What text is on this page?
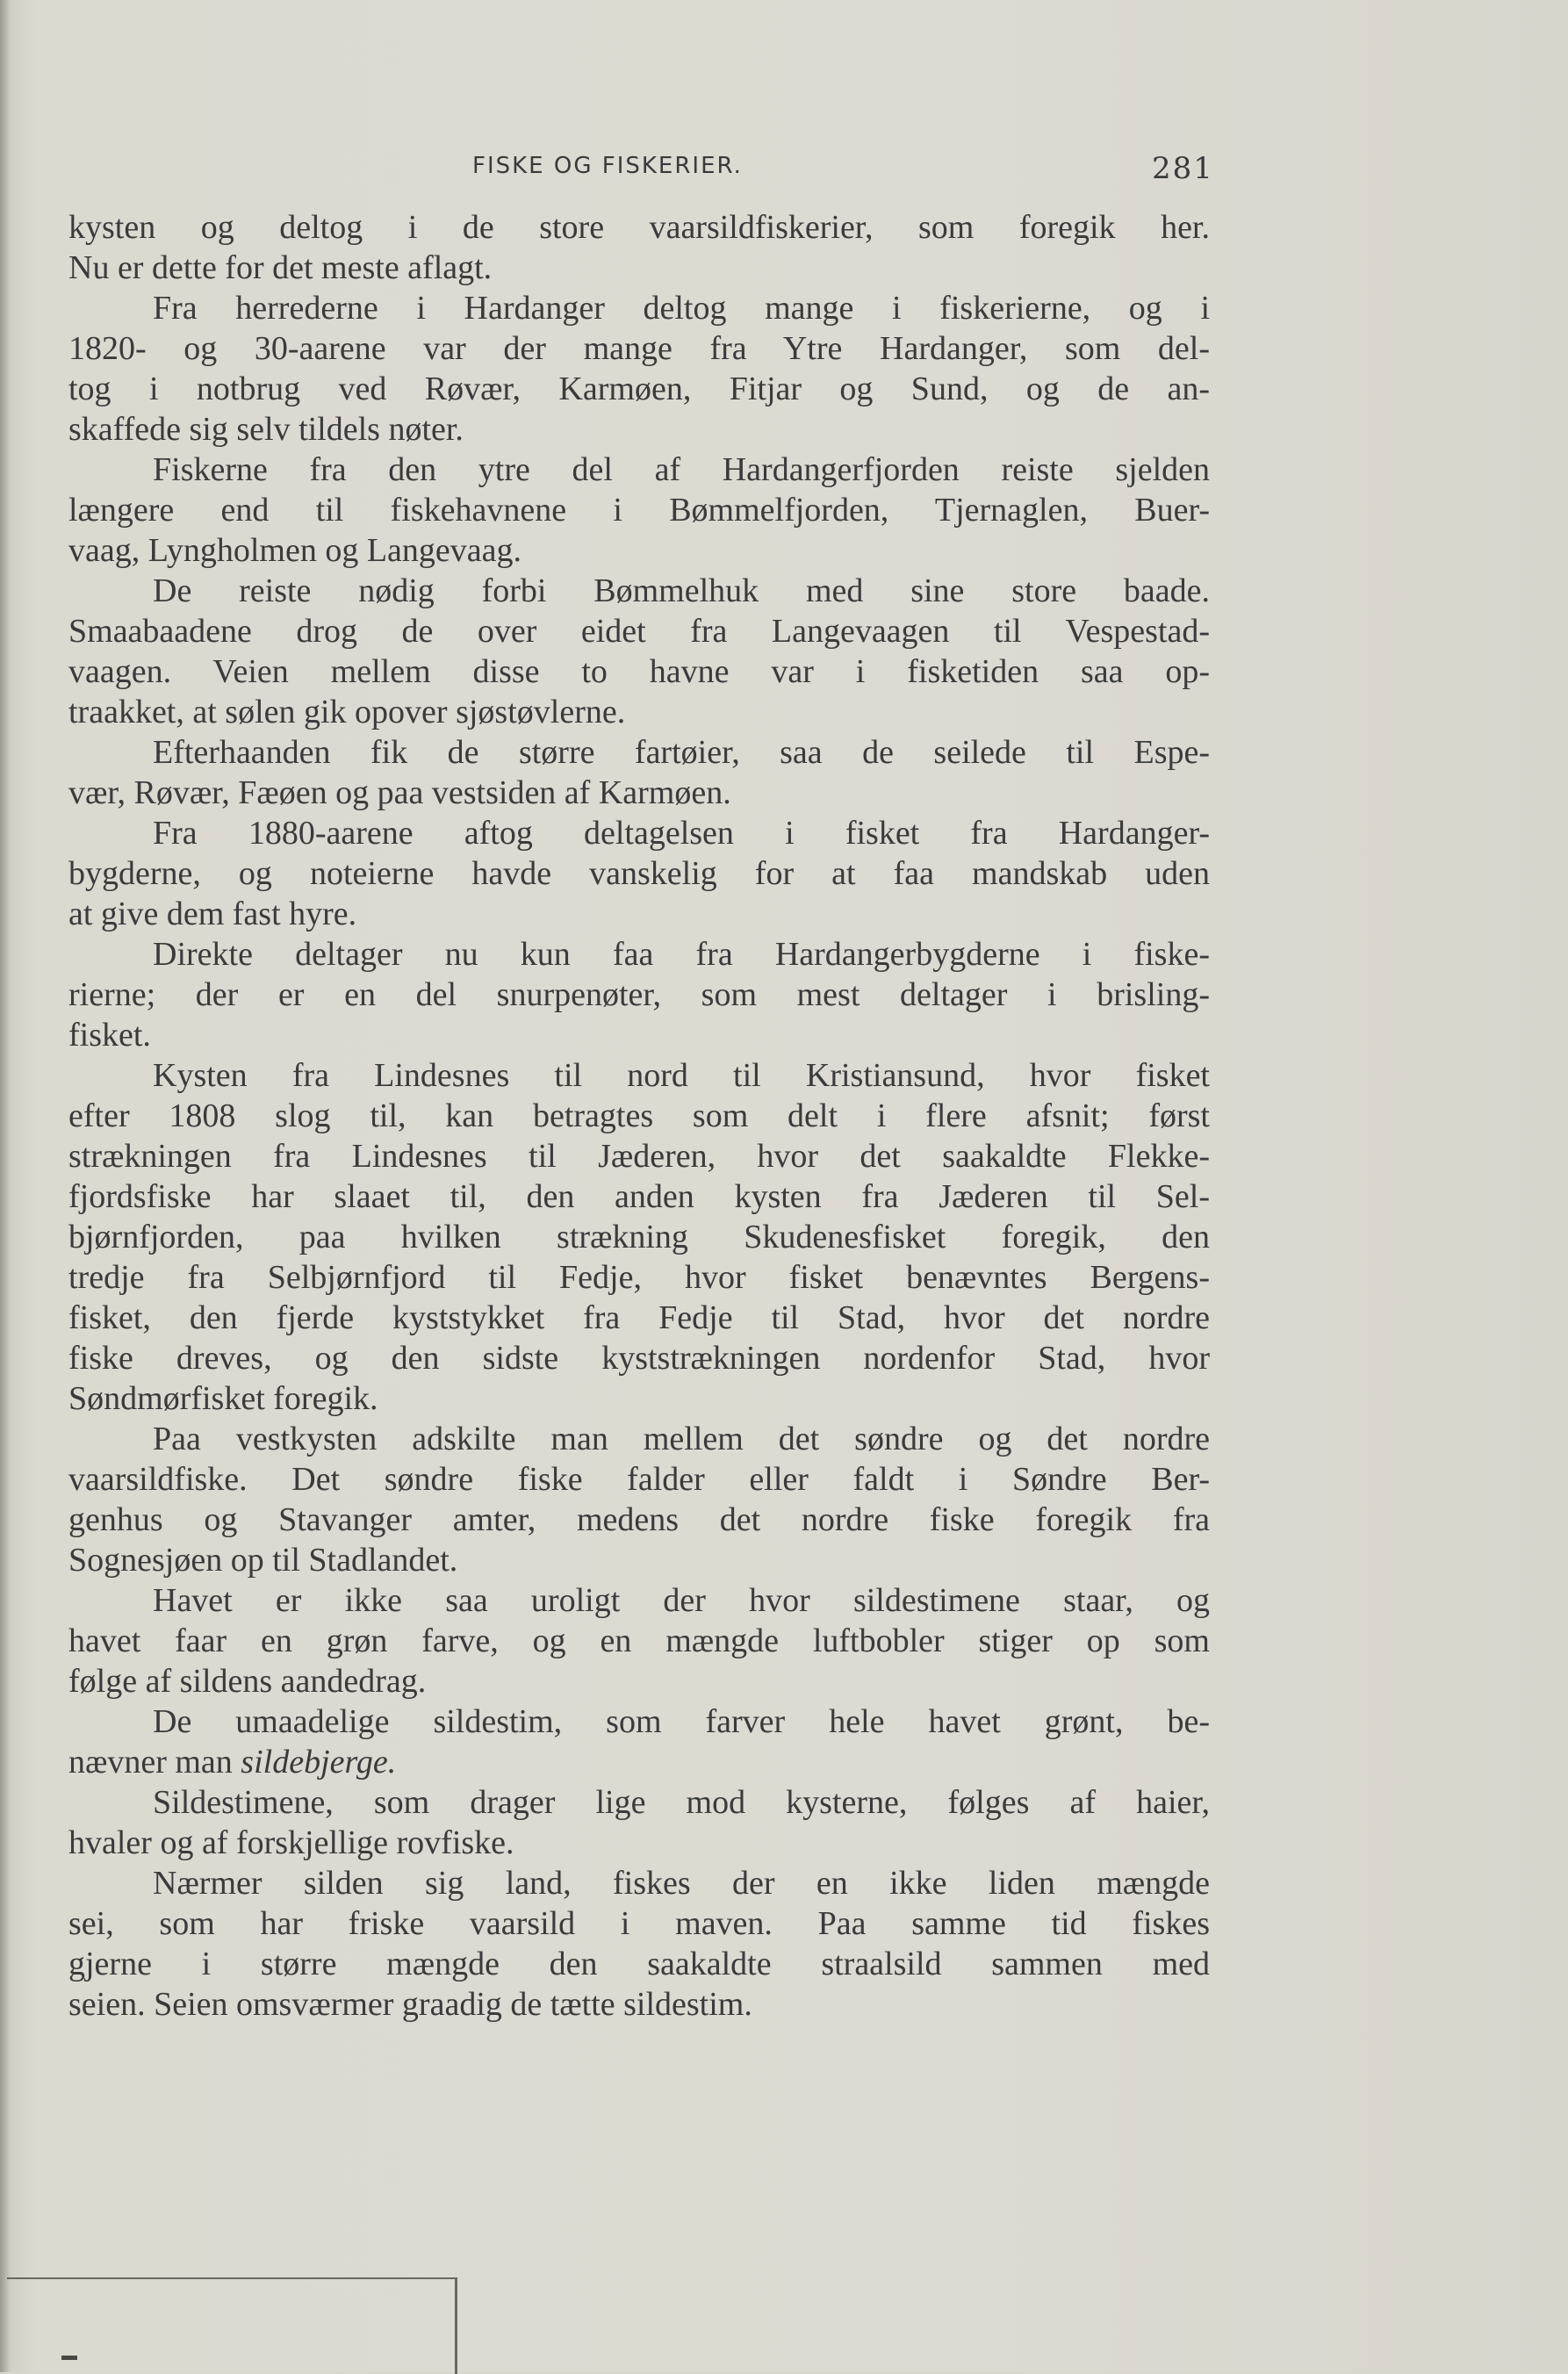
FISKE OG FISKERIER.	281
kysten og deltog i de store vaarsildfiskerier, som foregik her.
Nu er dette for det meste aflagt.
Fra herrederne i Hardanger deltog mange i fiskerierne, og i
1820- og 30-aarene var der mange fra Ytre Hardanger, som del-
tog i notbrug ved Røvær, Karmøen, Fitjar og Sund, og de an-
skaffede sig selv tildels nøter.
Fiskerne fra den ytre del af Hardangerfjorden reiste sjelden
længere end til fiskehavnene i Bømmelfjorden, Tjernaglen, Buer-
vaag, Lyngholmen og Langevaag.
De reiste nødig forbi Bømmelhuk med sine store baade.
Smaabaadene drog de over eidet fra Langevaagen til Vespestad-
vaagen. Veien mellem disse to havne var i fisketiden saa op-
traakket, at sølen gik opover sjøstøvlerne.
Efterhaanden fik de større fartøier, saa de seilede til Espe-
vær, Røvær, Fæøen og paa vestsiden af Karmøen.
Fra 1880-aarene aftog deltagelsen i fisket fra Hardanger-
bygderne, og noteierne havde vanskelig for at faa mandskab uden
at give dem fast hyre.
Direkte deltager nu kun faa fra Hardangerbygderne i fiske-
rierne; der er en del snurpenøter, som mest deltager i brisling-
fisket.
Kysten fra Lindesnes til nord til Kristiansund, hvor fisket
efter 1808 slog til, kan betragtes som delt i flere afsnit; først
strækningen fra Lindesnes til Jæderen, hvor det saakaldte Flekke-
fjordsfiske har slaaet til, den anden kysten fra Jæderen til Sel-
bjørnfjorden, paa hvilken strækning Skudenesfisket foregik, den
tredje fra Selbjørnfjord til Fedje, hvor fisket benævntes Bergens-
fisket, den fjerde kyststykket fra Fedje til Stad, hvor det nordre
fiske dreves, og den sidste kyststrækningen nordenfor Stad, hvor
Søndmørfisket foregik.
Paa vestkysten adskilte man mellem det søndre og det nordre
vaarsildfiske. Det søndre fiske falder eller faldt i Søndre Ber-
genhus og Stavanger amter, medens det nordre fiske foregik fra
Sognesjøen op til Stadlandet.
Havet er ikke saa uroligt der hvor sildestimene staar, og
havet faar en grøn farve, og en mængde luftbobler stiger op som
følge af sildens aandedrag.
De umaadelige sildestim, som farver hele havet grønt, be-
nævner man sildebjerge.
Sildestimene, som drager lige mod kysterne, følges af haier,
hvaler og af forskjellige rovfiske.
Nærmer silden sig land, fiskes der en ikke liden mængde
sei, som har friske vaarsild i maven. Paa samme tid fiskes
gjerne i større mængde den saakaldte straalsild sammen med
seien. Seien omsværmer graadig de tætte sildestim.
